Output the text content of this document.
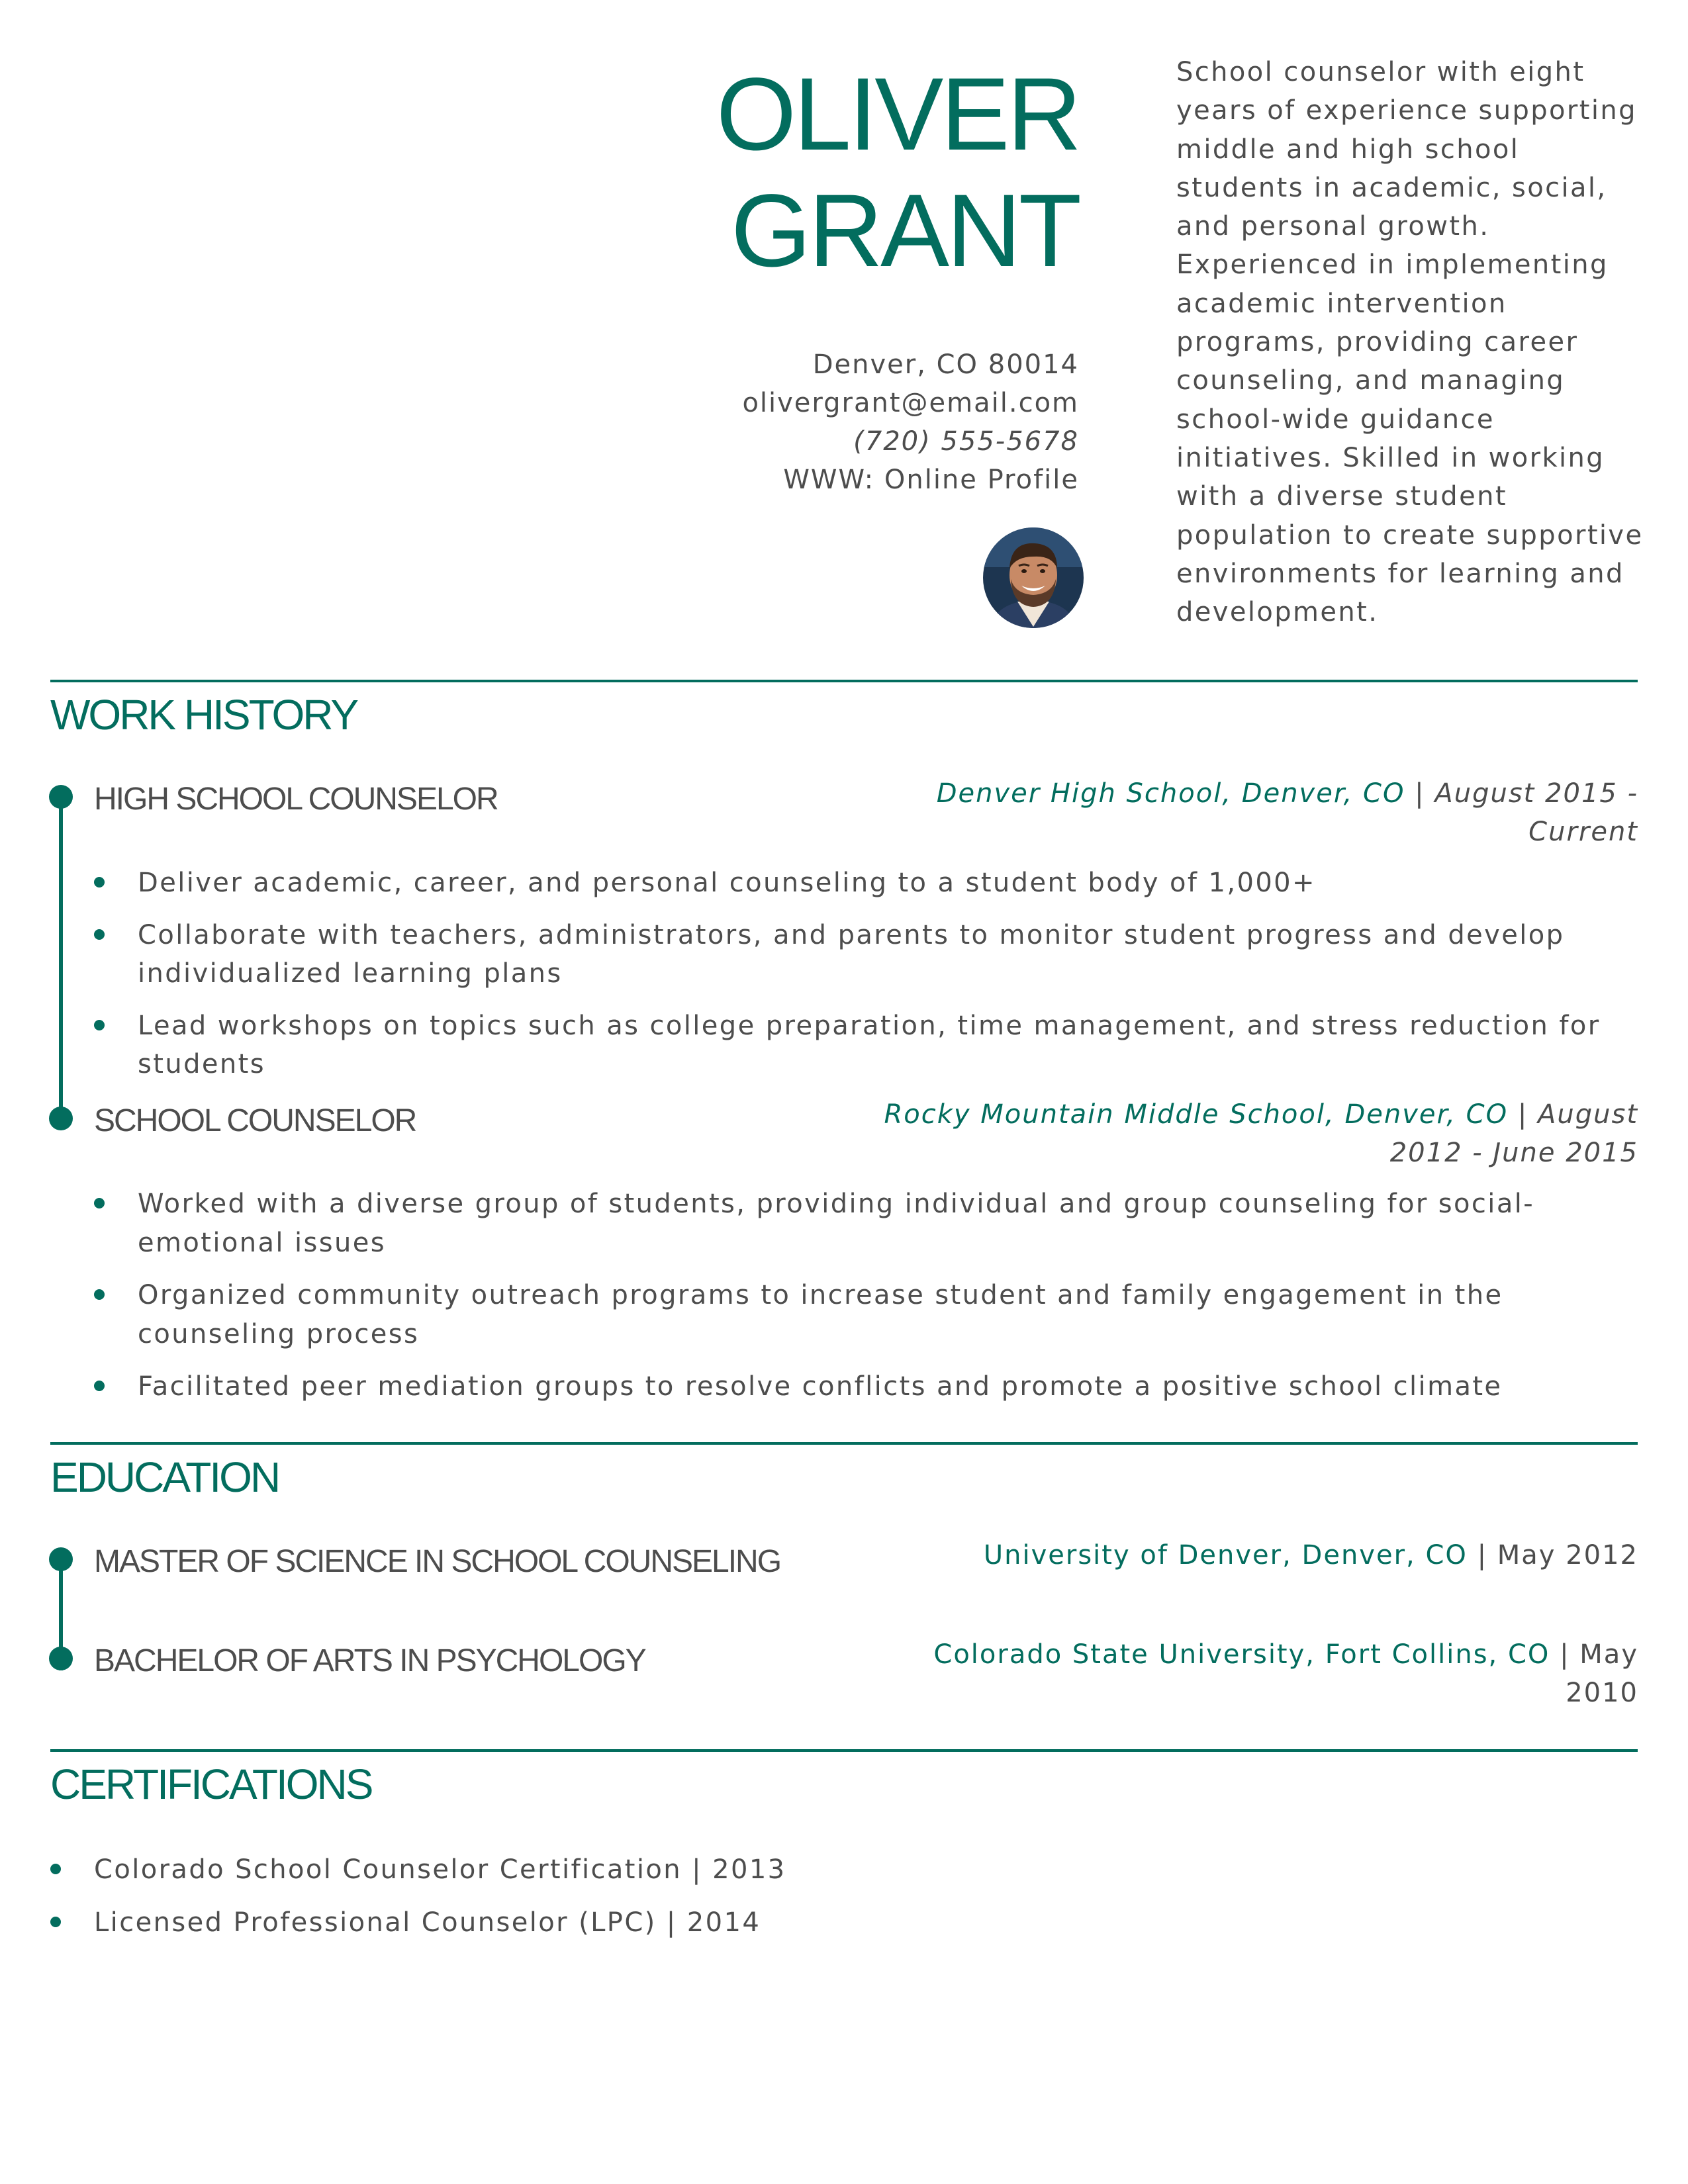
OLIVER
GRANT
Denver, CO 80014
olivergrant@email.com
(720) 555-5678
WWW: Online Profile
School counselor with eight years of experience supporting middle and high school students in academic, social, and personal growth. Experienced in implementing academic intervention programs, providing career counseling, and managing school-wide guidance initiatives. Skilled in working with a diverse student population to create supportive environments for learning and development.
WORK HISTORY
HIGH SCHOOL COUNSELOR	Denver High School, Denver, CO | August 2015 -
Current
Deliver academic, career, and personal counseling to a student body of 1,000+
Collaborate with teachers, administrators, and parents to monitor student progress and develop individualized learning plans
Lead workshops on topics such as college preparation, time management, and stress reduction for students
SCHOOL COUNSELOR	Rocky Mountain Middle School, Denver, CO | August
2012 - June 2015
Worked with a diverse group of students, providing individual and group counseling for social-emotional issues
Organized community outreach programs to increase student and family engagement in the counseling process
Facilitated peer mediation groups to resolve conflicts and promote a positive school climate
EDUCATION
MASTER OF SCIENCE IN SCHOOL COUNSELING	University of Denver, Denver, CO | May 2012
BACHELOR OF ARTS IN PSYCHOLOGY	Colorado State University, Fort Collins, CO | May
2010
CERTIFICATIONS
Colorado School Counselor Certification | 2013
Licensed Professional Counselor (LPC) | 2014
